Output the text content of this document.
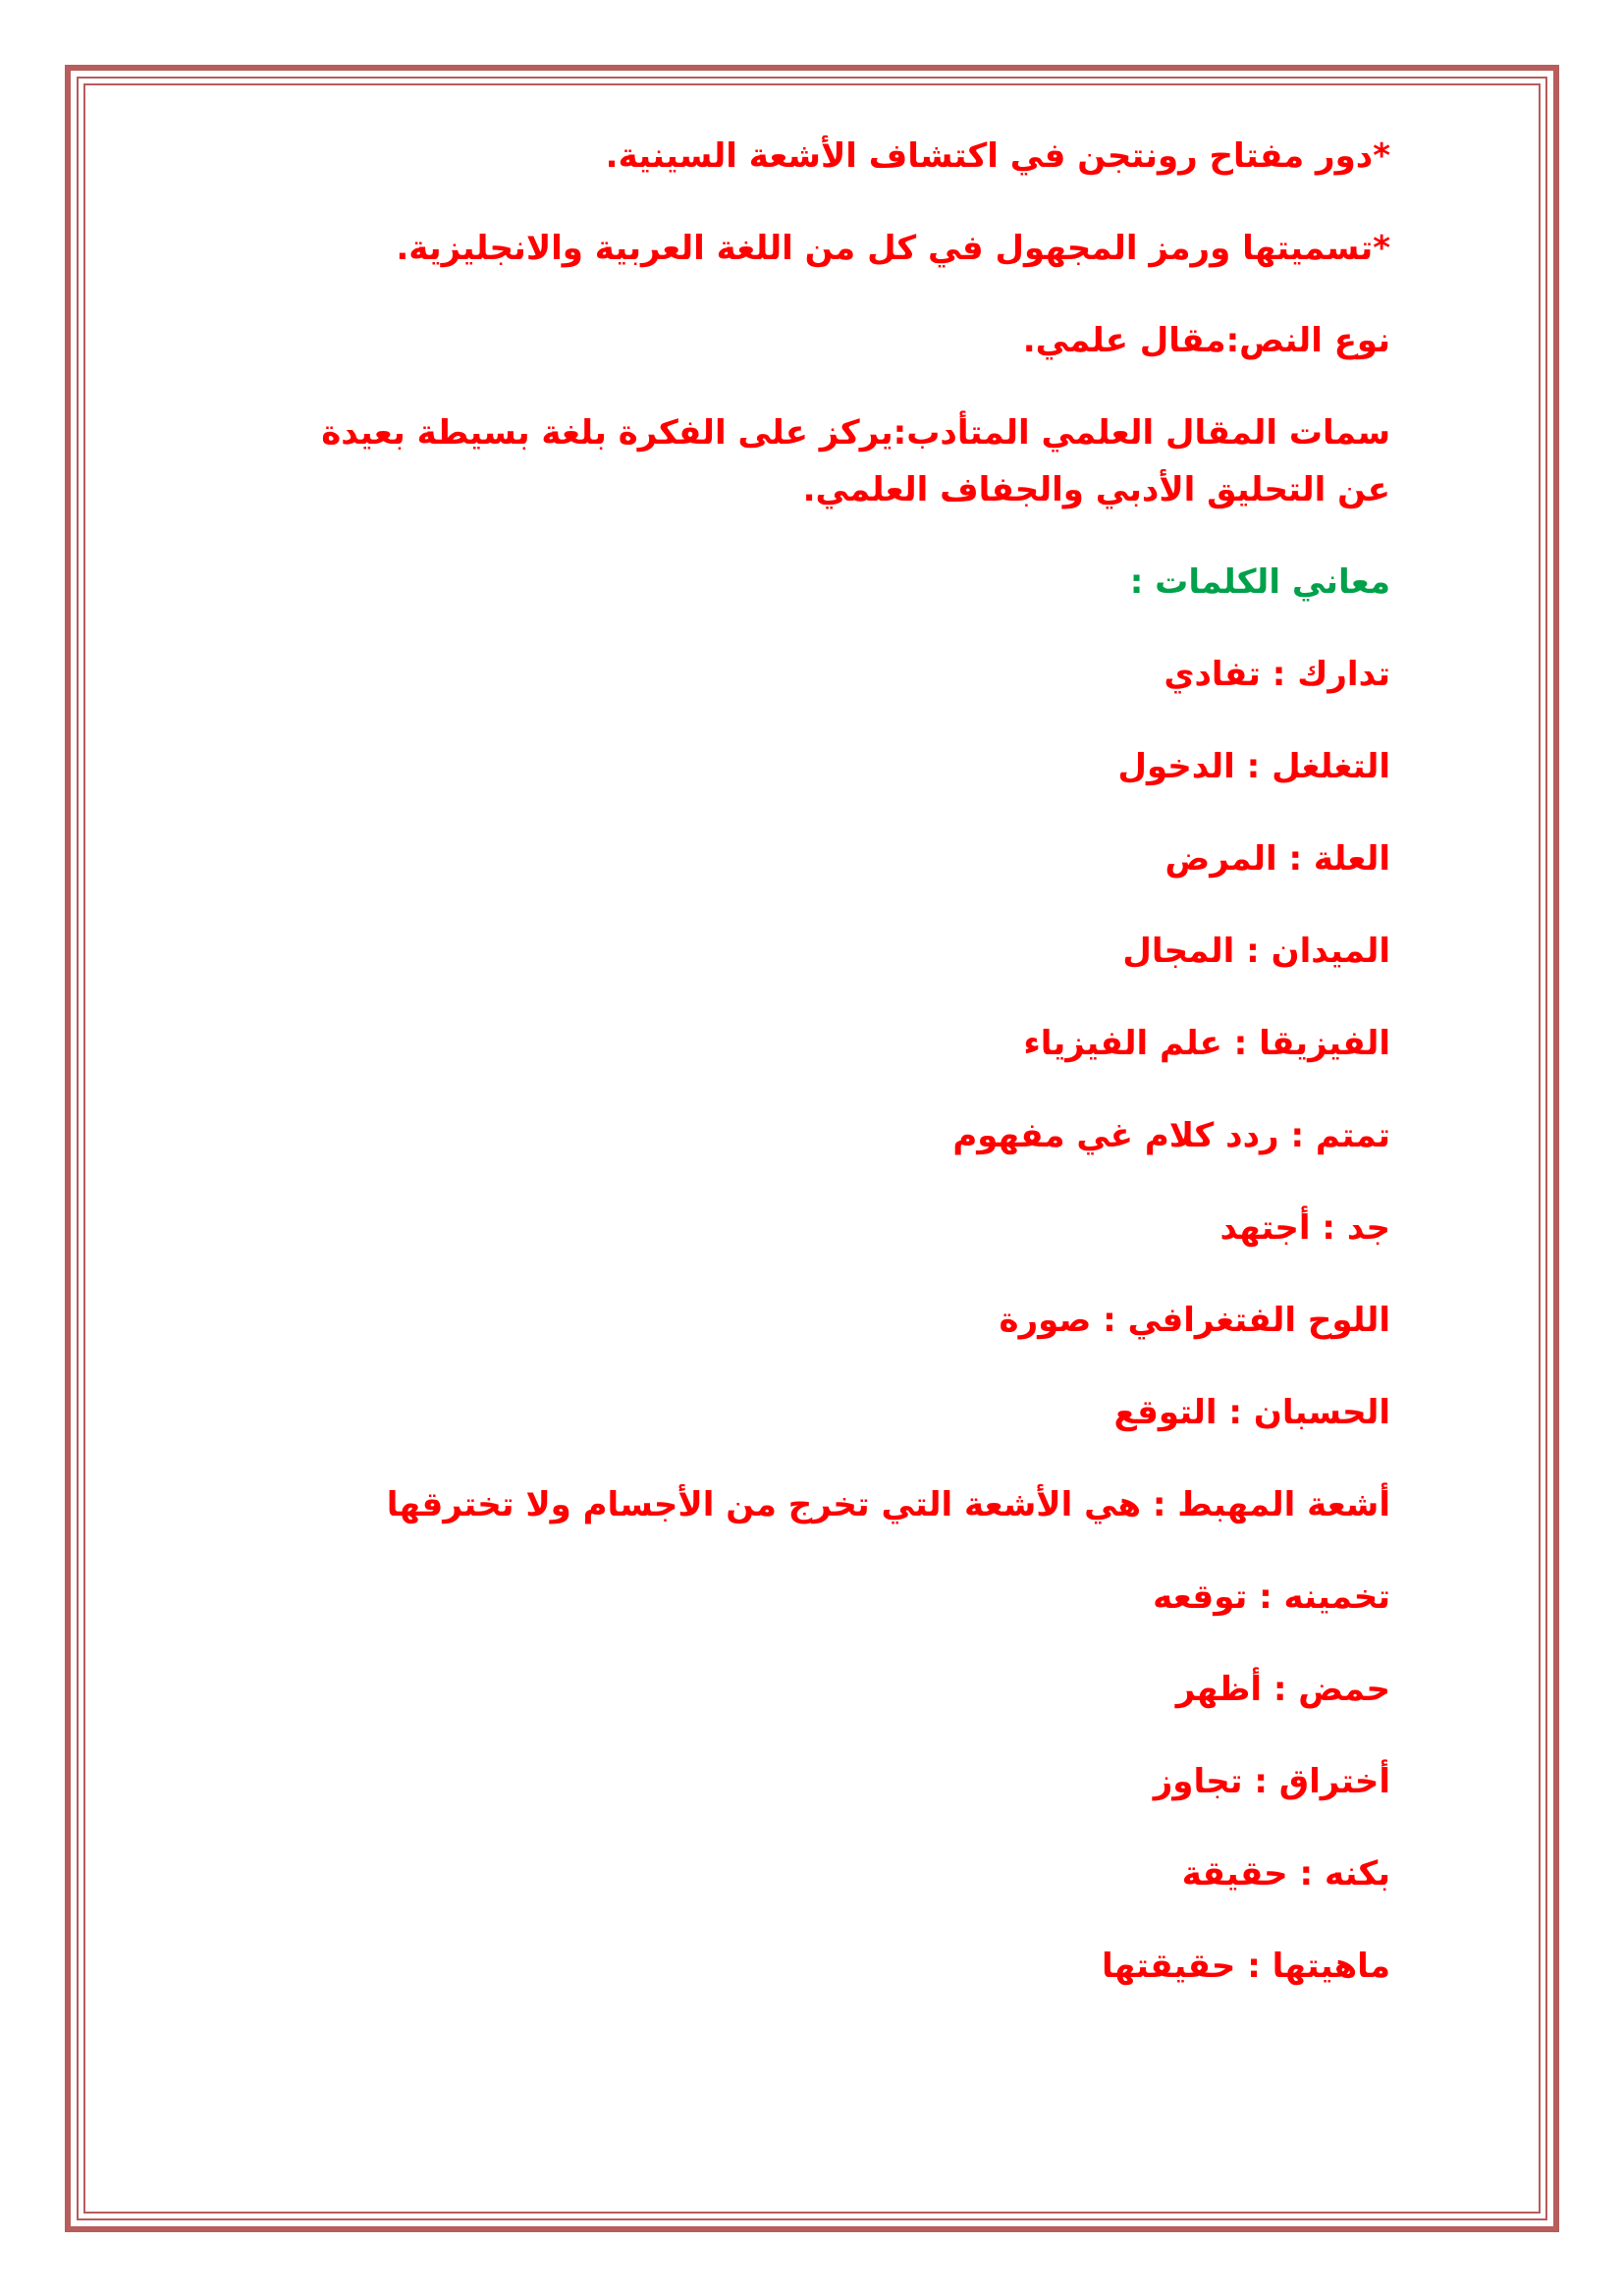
*دور مفتاح رونتجن في اكتشاف الأشعة السينية.
*تسميتها ورمز المجهول في كل من اللغة العربية والانجليزية.
نوع النص:مقال علمي.
سمات المقال العلمي المتأدب:يركز على الفكرة بلغة بسيطة بعيدة عن التحليق الأدبي والجفاف العلمي.
معاني الكلمات :
تدارك : تفادي
التغلغل : الدخول
العلة : المرض
الميدان : المجال
الفيزيقا : علم الفيزياء
تمتم : ردد كلام غي مفهوم
جد : أجتهد
اللوح الفتغرافي : صورة
الحسبان : التوقع
أشعة المهبط : هي الأشعة التي تخرج من الأجسام ولا تخترقها
تخمينه : توقعه
حمض : أظهر
أختراق : تجاوز
بكنه : حقيقة
ماهيتها : حقيقتها
